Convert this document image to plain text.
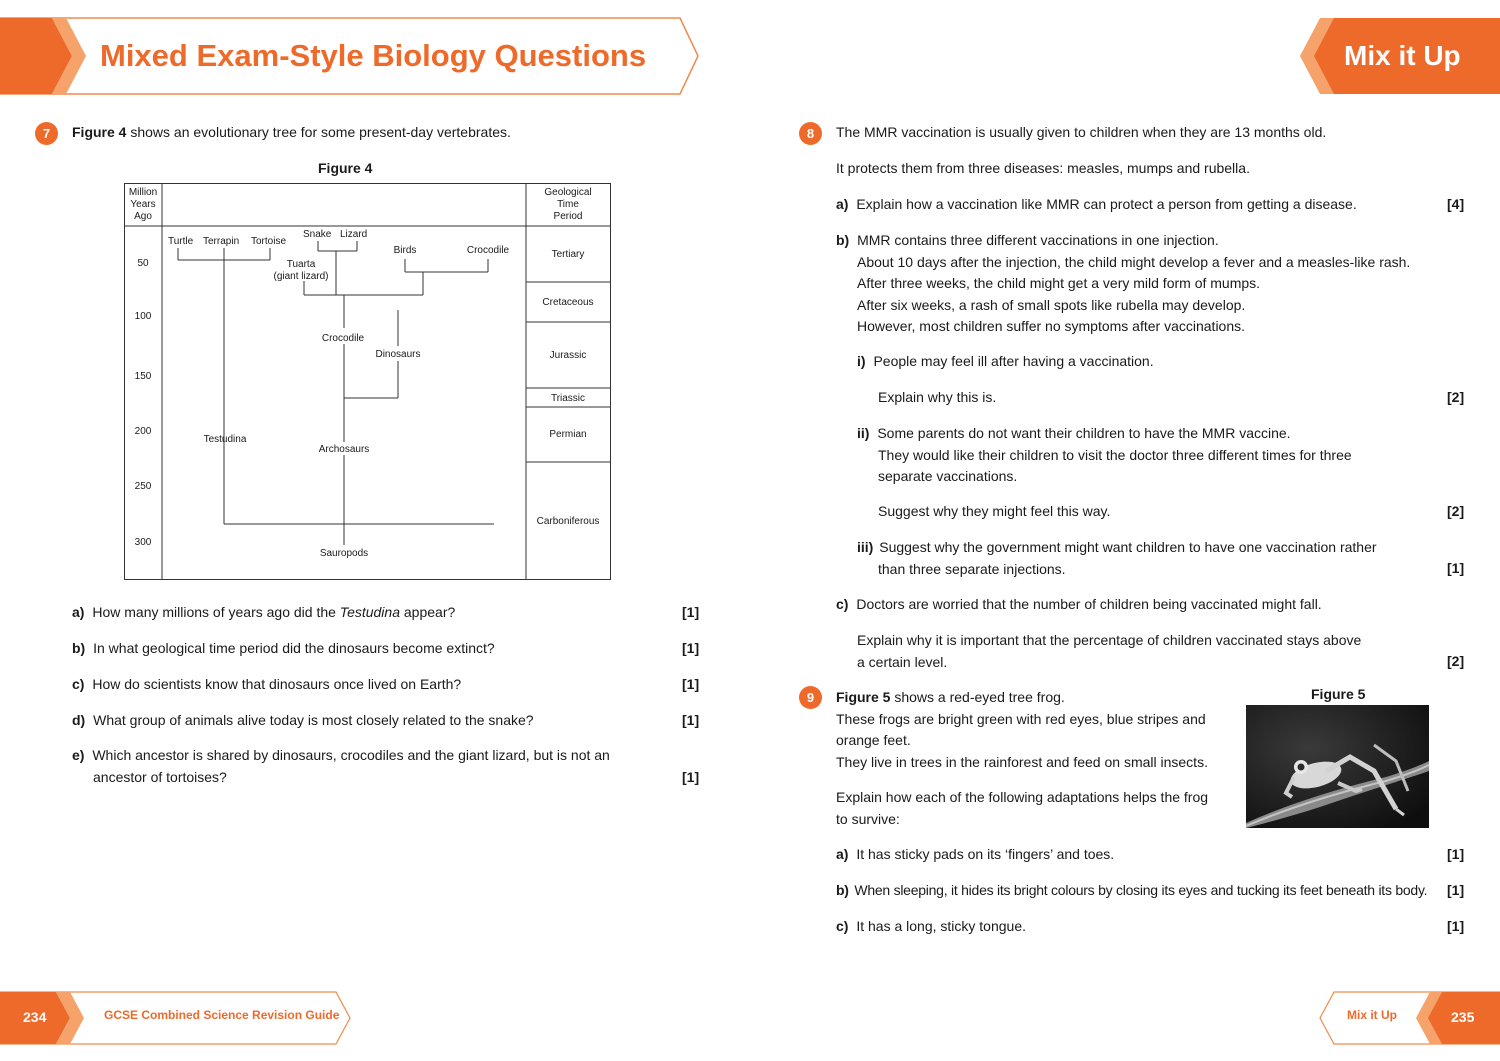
Mixed Exam-Style Biology Questions	Mix it Up
7	Figure 4 shows an evolutionary tree for some present-day vertebrates.
Figure 4
Million
Years
Ago
Geological
Time
Period
50
100
150
200
250
300
Tertiary
Cretaceous
Jurassic
Triassic
Permian
Carboniferous
Turtle Terrapin Tortoise
Snake Lizard
Tuarta
(giant lizard)
Birds	Crocodile
Crocodile
Dinosaurs
Testudina
Archosaurs
Sauropods
a) How many millions of years ago did the Testudina appear?	[1]
b) In what geological time period did the dinosaurs become extinct?	[1]
c) How do scientists know that dinosaurs once lived on Earth?	[1]
d) What group of animals alive today is most closely related to the snake?	[1]
e) Which ancestor is shared by dinosaurs, crocodiles and the giant lizard, but is not an
ancestor of tortoises?	[1]
8	The MMR vaccination is usually given to children when they are 13 months old.
It protects them from three diseases: measles, mumps and rubella.
a) Explain how a vaccination like MMR can protect a person from getting a disease.	[4]
b) MMR contains three different vaccinations in one injection.
About 10 days after the injection, the child might develop a fever and a measles-like rash.
After three weeks, the child might get a very mild form of mumps.
After six weeks, a rash of small spots like rubella may develop.
However, most children suffer no symptoms after vaccinations.
i) People may feel ill after having a vaccination.
Explain why this is.	[2]
ii) Some parents do not want their children to have the MMR vaccine.
They would like their children to visit the doctor three different times for three
separate vaccinations.
Suggest why they might feel this way.	[2]
iii) Suggest why the government might want children to have one vaccination rather
than three separate injections.	[1]
c) Doctors are worried that the number of children being vaccinated might fall.
Explain why it is important that the percentage of children vaccinated stays above
a certain level.	[2]
9	Figure 5 shows a red-eyed tree frog.
These frogs are bright green with red eyes, blue stripes and
orange feet.
They live in trees in the rainforest and feed on small insects.
Explain how each of the following adaptations helps the frog
to survive:
Figure 5
a) It has sticky pads on its ‘fingers’ and toes.	[1]
b) When sleeping, it hides its bright colours by closing its eyes and tucking its feet beneath its body. [1]
c) It has a long, sticky tongue.	[1]
234	GCSE Combined Science Revision Guide	Mix it Up	235
